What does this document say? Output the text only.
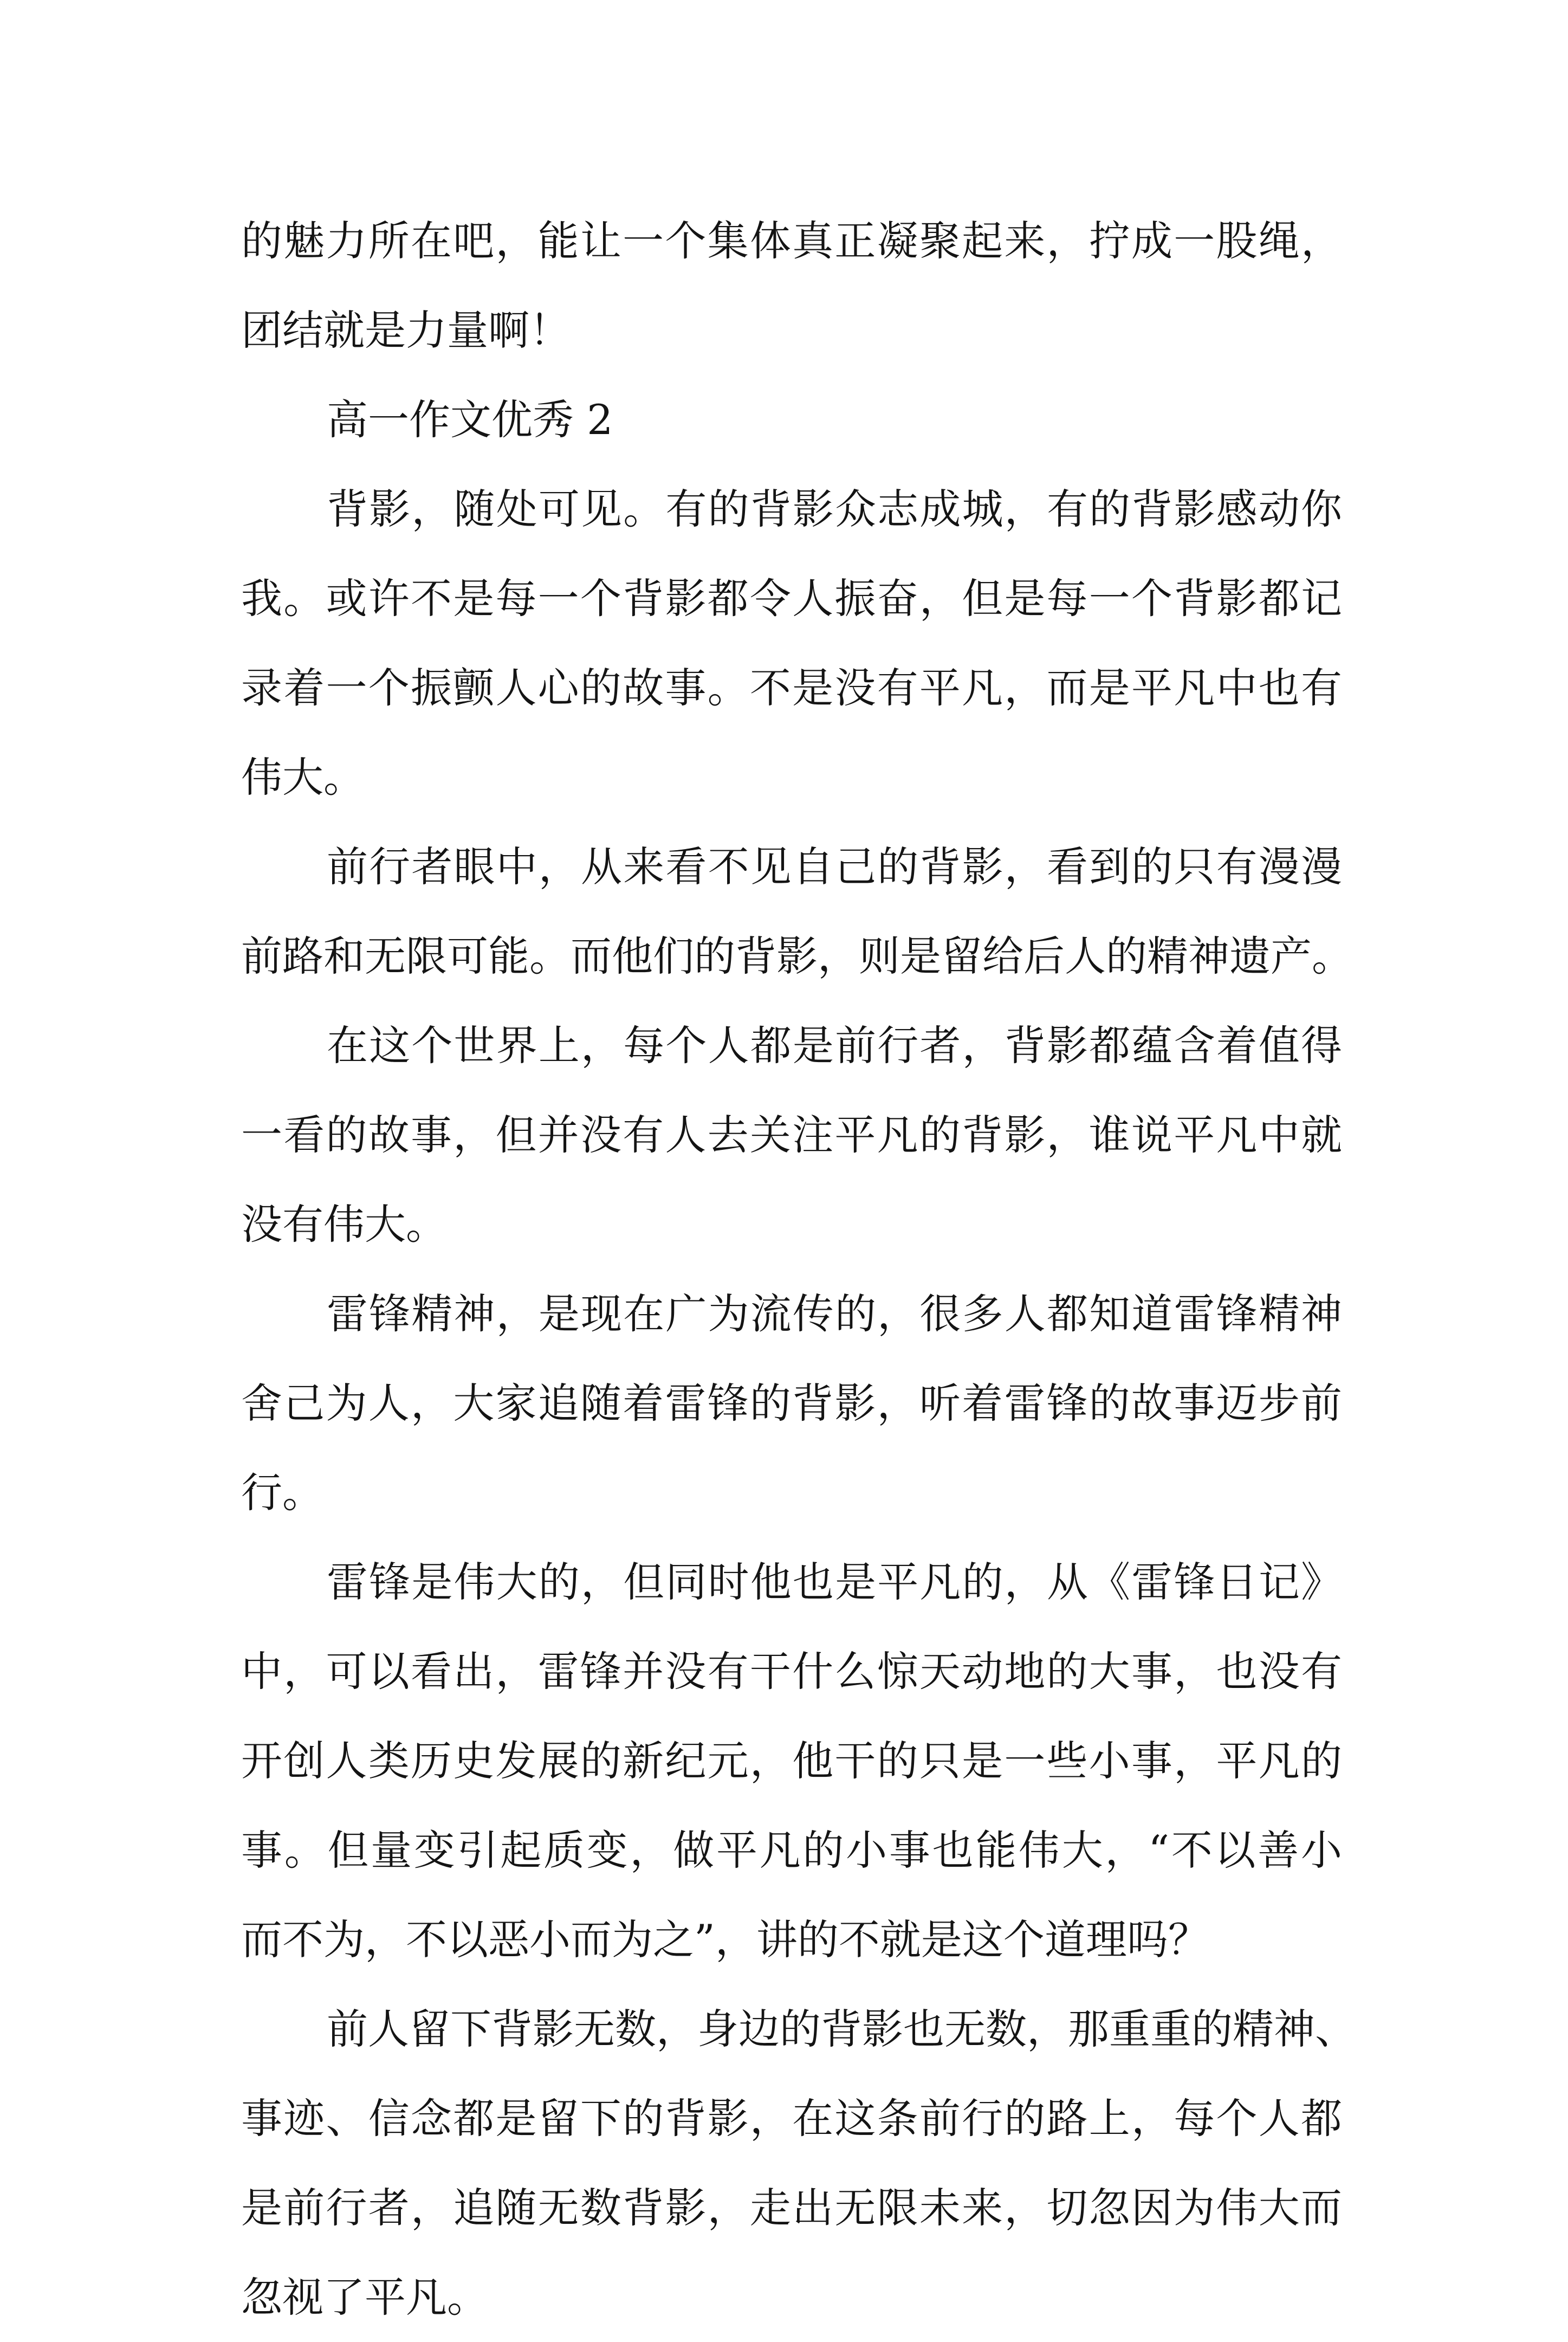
的魅力所在吧，能让一个集体真正凝聚起来，拧成一股绳，
团结就是力量啊！
高一作文优秀 2
背影，随处可见。有的背影众志成城，有的背影感动你
我。或许不是每一个背影都令人振奋，但是每一个背影都记
录着一个振颤人心的故事。不是没有平凡，而是平凡中也有
伟大。
前行者眼中，从来看不见自己的背影，看到的只有漫漫
前路和无限可能。而他们的背影，则是留给后人的精神遗产。
在这个世界上，每个人都是前行者，背影都蕴含着值得
一看的故事，但并没有人去关注平凡的背影，谁说平凡中就
没有伟大。
雷锋精神，是现在广为流传的，很多人都知道雷锋精神
舍己为人，大家追随着雷锋的背影，听着雷锋的故事迈步前
行。
雷锋是伟大的，但同时他也是平凡的，从《雷锋日记》
中，可以看出，雷锋并没有干什么惊天动地的大事，也没有
开创人类历史发展的新纪元，他干的只是一些小事，平凡的
事。但量变引起质变，做平凡的小事也能伟大，“不以善小
而不为，不以恶小而为之”，讲的不就是这个道理吗？
前人留下背影无数，身边的背影也无数，那重重的精神、
事迹、信念都是留下的背影，在这条前行的路上，每个人都
是前行者，追随无数背影，走出无限未来，切忽因为伟大而
忽视了平凡。
